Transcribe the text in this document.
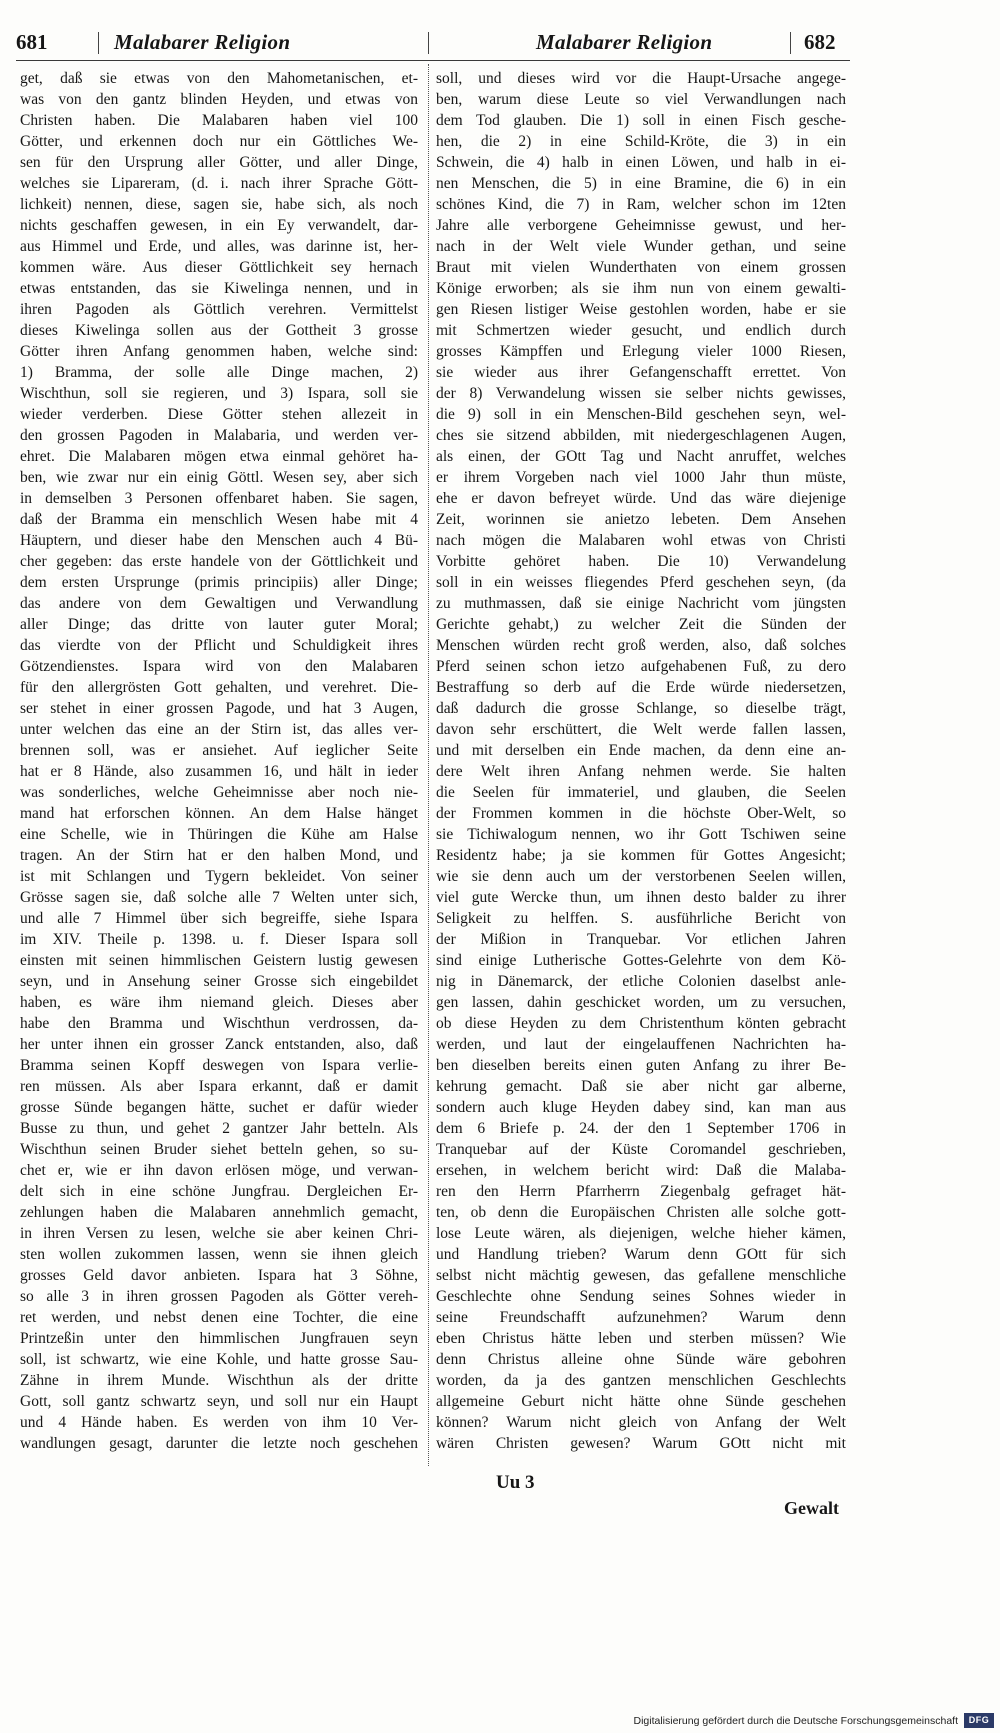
681	Malabarer Religion	Malabarer Religion	682
get, daß sie etwas von den Mahometanischen, et-
was von den gantz blinden Heyden, und etwas von
Christen haben. Die Malabaren haben viel 100
Götter, und erkennen doch nur ein Göttliches We-
sen für den Ursprung aller Götter, und aller Dinge,
welches sie Lipareram, (d. i. nach ihrer Sprache Gött-
lichkeit) nennen, diese, sagen sie, habe sich, als noch
nichts geschaffen gewesen, in ein Ey verwandelt, dar-
aus Himmel und Erde, und alles, was darinne ist, her-
kommen wäre. Aus dieser Göttlichkeit sey hernach
etwas entstanden, das sie Kiwelinga nennen, und in
ihren Pagoden als Göttlich verehren. Vermittelst
dieses Kiwelinga sollen aus der Gottheit 3 grosse
Götter ihren Anfang genommen haben, welche sind:
1) Bramma, der solle alle Dinge machen, 2)
Wischthun, soll sie regieren, und 3) Ispara, soll sie
wieder verderben. Diese Götter stehen allezeit in
den grossen Pagoden in Malabaria, und werden ver-
ehret. Die Malabaren mögen etwa einmal gehöret ha-
ben, wie zwar nur ein einig Göttl. Wesen sey, aber sich
in demselben 3 Personen offenbaret haben. Sie sagen,
daß der Bramma ein menschlich Wesen habe mit 4
Häuptern, und dieser habe den Menschen auch 4 Bü-
cher gegeben: das erste handele von der Göttlichkeit und
dem ersten Ursprunge (primis principiis) aller Dinge;
das andere von dem Gewaltigen und Verwandlung
aller Dinge; das dritte von lauter guter Moral;
das vierdte von der Pflicht und Schuldigkeit ihres
Götzendienstes. Ispara wird von den Malabaren
für den allergrösten Gott gehalten, und verehret. Die-
ser stehet in einer grossen Pagode, und hat 3 Augen,
unter welchen das eine an der Stirn ist, das alles ver-
brennen soll, was er ansiehet. Auf ieglicher Seite
hat er 8 Hände, also zusammen 16, und hält in ieder
was sonderliches, welche Geheimnisse aber noch nie-
mand hat erforschen können. An dem Halse hänget
eine Schelle, wie in Thüringen die Kühe am Halse
tragen. An der Stirn hat er den halben Mond, und
ist mit Schlangen und Tygern bekleidet. Von seiner
Grösse sagen sie, daß solche alle 7 Welten unter sich,
und alle 7 Himmel über sich begreiffe, siehe Ispara
im XIV. Theile p. 1398. u. f. Dieser Ispara soll
einsten mit seinen himmlischen Geistern lustig gewesen
seyn, und in Ansehung seiner Grosse sich eingebildet
haben, es wäre ihm niemand gleich. Dieses aber
habe den Bramma und Wischthun verdrossen, da-
her unter ihnen ein grosser Zanck entstanden, also, daß
Bramma seinen Kopff deswegen von Ispara verlie-
ren müssen. Als aber Ispara erkannt, daß er damit
grosse Sünde begangen hätte, suchet er dafür wieder
Busse zu thun, und gehet 2 gantzer Jahr betteln. Als
Wischthun seinen Bruder siehet betteln gehen, so su-
chet er, wie er ihn davon erlösen möge, und verwan-
delt sich in eine schöne Jungfrau. Dergleichen Er-
zehlungen haben die Malabaren annehmlich gemacht,
in ihren Versen zu lesen, welche sie aber keinen Chri-
sten wollen zukommen lassen, wenn sie ihnen gleich
grosses Geld davor anbieten. Ispara hat 3 Söhne,
so alle 3 in ihren grossen Pagoden als Götter vereh-
ret werden, und nebst denen eine Tochter, die eine
Printzeßin unter den himmlischen Jungfrauen seyn
soll, ist schwartz, wie eine Kohle, und hatte grosse Sau-
Zähne in ihrem Munde. Wischthun als der dritte
Gott, soll gantz schwartz seyn, und soll nur ein Haupt
und 4 Hände haben. Es werden von ihm 10 Ver-
wandlungen gesagt, darunter die letzte noch geschehen
soll, und dieses wird vor die Haupt-Ursache angege-
ben, warum diese Leute so viel Verwandlungen nach
dem Tod glauben. Die 1) soll in einen Fisch gesche-
hen, die 2) in eine Schild-Kröte, die 3) in ein
Schwein, die 4) halb in einen Löwen, und halb in ei-
nen Menschen, die 5) in eine Bramine, die 6) in ein
schönes Kind, die 7) in Ram, welcher schon im 12ten
Jahre alle verborgene Geheimnisse gewust, und her-
nach in der Welt viele Wunder gethan, und seine
Braut mit vielen Wunderthaten von einem grossen
Könige erworben; als sie ihm nun von einem gewalti-
gen Riesen listiger Weise gestohlen worden, habe er sie
mit Schmertzen wieder gesucht, und endlich durch
grosses Kämpffen und Erlegung vieler 1000 Riesen,
sie wieder aus ihrer Gefangenschafft errettet. Von
der 8) Verwandelung wissen sie selber nichts gewisses,
die 9) soll in ein Menschen-Bild geschehen seyn, wel-
ches sie sitzend abbilden, mit niedergeschlagenen Augen,
als einen, der GOtt Tag und Nacht anruffet, welches
er ihrem Vorgeben nach viel 1000 Jahr thun müste,
ehe er davon befreyet würde. Und das wäre diejenige
Zeit, worinnen sie anietzo lebeten. Dem Ansehen
nach mögen die Malabaren wohl etwas von Christi
Vorbitte gehöret haben. Die 10) Verwandelung
soll in ein weisses fliegendes Pferd geschehen seyn, (da
zu muthmassen, daß sie einige Nachricht vom jüngsten
Gerichte gehabt,) zu welcher Zeit die Sünden der
Menschen würden recht groß werden, also, daß solches
Pferd seinen schon ietzo aufgehabenen Fuß, zu dero
Bestraffung so derb auf die Erde würde niedersetzen,
daß dadurch die grosse Schlange, so dieselbe trägt,
davon sehr erschüttert, die Welt werde fallen lassen,
und mit derselben ein Ende machen, da denn eine an-
dere Welt ihren Anfang nehmen werde. Sie halten
die Seelen für immateriel, und glauben, die Seelen
der Frommen kommen in die höchste Ober-Welt, so
sie Tichiwalogum nennen, wo ihr Gott Tschiwen seine
Residentz habe; ja sie kommen für Gottes Angesicht;
wie sie denn auch um der verstorbenen Seelen willen,
viel gute Wercke thun, um ihnen desto balder zu ihrer
Seligkeit zu helffen. S. ausführliche Bericht von
der Mißion in Tranquebar. Vor etlichen Jahren
sind einige Lutherische Gottes-Gelehrte von dem Kö-
nig in Dänemarck, der etliche Colonien daselbst anle-
gen lassen, dahin geschicket worden, um zu versuchen,
ob diese Heyden zu dem Christenthum könten gebracht
werden, und laut der eingelauffenen Nachrichten ha-
ben dieselben bereits einen guten Anfang zu ihrer Be-
kehrung gemacht. Daß sie aber nicht gar alberne,
sondern auch kluge Heyden dabey sind, kan man aus
dem 6 Briefe p. 24. der den 1 September 1706 in
Tranquebar auf der Küste Coromandel geschrieben,
ersehen, in welchem bericht wird: Daß die Malaba-
ren den Herrn Pfarrherrn Ziegenbalg gefraget hät-
ten, ob denn die Europäischen Christen alle solche gott-
lose Leute wären, als diejenigen, welche hieher kämen,
und Handlung trieben? Warum denn GOtt für sich
selbst nicht mächtig gewesen, das gefallene menschliche
Geschlechte ohne Sendung seines Sohnes wieder in
seine Freundschafft aufzunehmen? Warum denn
eben Christus hätte leben und sterben müssen? Wie
denn Christus alleine ohne Sünde wäre gebohren
worden, da ja des gantzen menschlichen Geschlechts
allgemeine Geburt nicht hätte ohne Sünde geschehen
können? Warum nicht gleich von Anfang der Welt
wären Christen gewesen? Warum GOtt nicht mit
Uu 3
Gewalt
Digitalisierung gefördert durch die Deutsche Forschungsgemeinschaft	DFG
